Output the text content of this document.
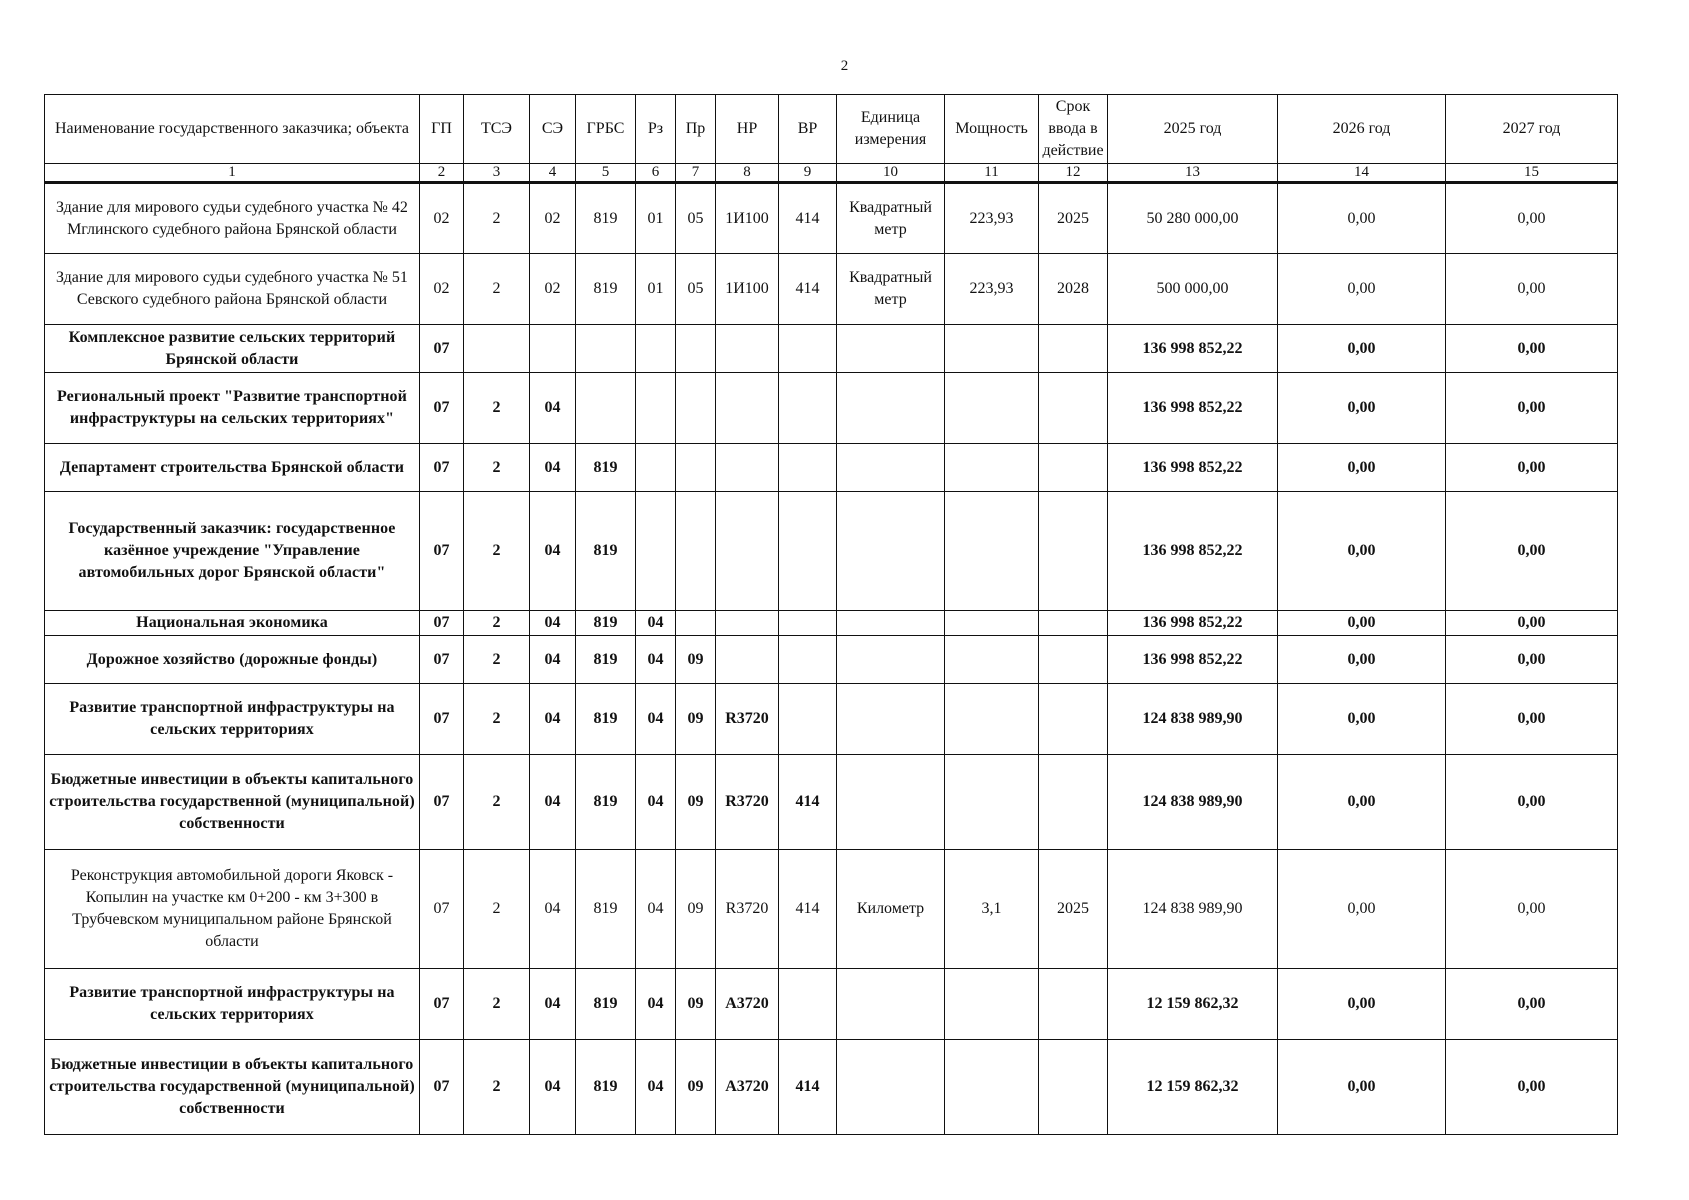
2
Наименование государственного заказчика; объекта	ГП	ТСЭ	СЭ	ГРБС	Рз	Пр	НР	ВР	Единица измерения	Мощность	Срок ввода в действие	2025 год	2026 год	2027 год
1	2	3	4	5	6	7	8	9	10	11	12	13	14	15
Здание для мирового судьи судебного участка № 42 Мглинского судебного района Брянской области	02	2	02	819	01	05	1И100	414	Квадратный метр	223,93	2025	50 280 000,00	0,00	0,00
Здание для мирового судьи судебного участка № 51 Севского судебного района Брянской области	02	2	02	819	01	05	1И100	414	Квадратный метр	223,93	2028	500 000,00	0,00	0,00
Комплексное развитие сельских территорий Брянской области	07											136 998 852,22	0,00	0,00
Региональный проект "Развитие транспортной инфраструктуры на сельских территориях"	07	2	04									136 998 852,22	0,00	0,00
Департамент строительства Брянской области	07	2	04	819								136 998 852,22	0,00	0,00
Государственный заказчик: государственное казённое учреждение "Управление автомобильных дорог Брянской области"	07	2	04	819								136 998 852,22	0,00	0,00
Национальная экономика	07	2	04	819	04							136 998 852,22	0,00	0,00
Дорожное хозяйство (дорожные фонды)	07	2	04	819	04	09						136 998 852,22	0,00	0,00
Развитие транспортной инфраструктуры на сельских территориях	07	2	04	819	04	09	R3720					124 838 989,90	0,00	0,00
Бюджетные инвестиции в объекты капитального строительства государственной (муниципальной) собственности	07	2	04	819	04	09	R3720	414				124 838 989,90	0,00	0,00
Реконструкция автомобильной дороги Яковск - Копылин на участке км 0+200 - км 3+300 в Трубчевском муниципальном районе Брянской области	07	2	04	819	04	09	R3720	414	Километр	3,1	2025	124 838 989,90	0,00	0,00
Развитие транспортной инфраструктуры на сельских территориях	07	2	04	819	04	09	А3720					12 159 862,32	0,00	0,00
Бюджетные инвестиции в объекты капитального строительства государственной (муниципальной) собственности	07	2	04	819	04	09	А3720	414				12 159 862,32	0,00	0,00
